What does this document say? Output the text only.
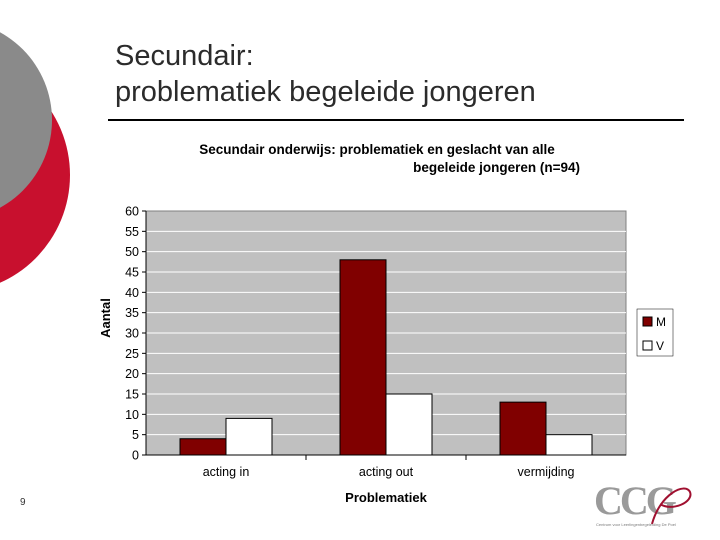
Secundair:
problematiek begeleide jongeren
Secundair onderwijs: problematiek en geslacht van alle
begeleide jongeren (n=94)
0
5
10
15
20
25
30
35
40
45
50
55
60
acting in	acting out	vermijding
Aantal
Problematiek
M
V
9	CCG
Centrum voor Leerlingenbegeleiding De Poel
